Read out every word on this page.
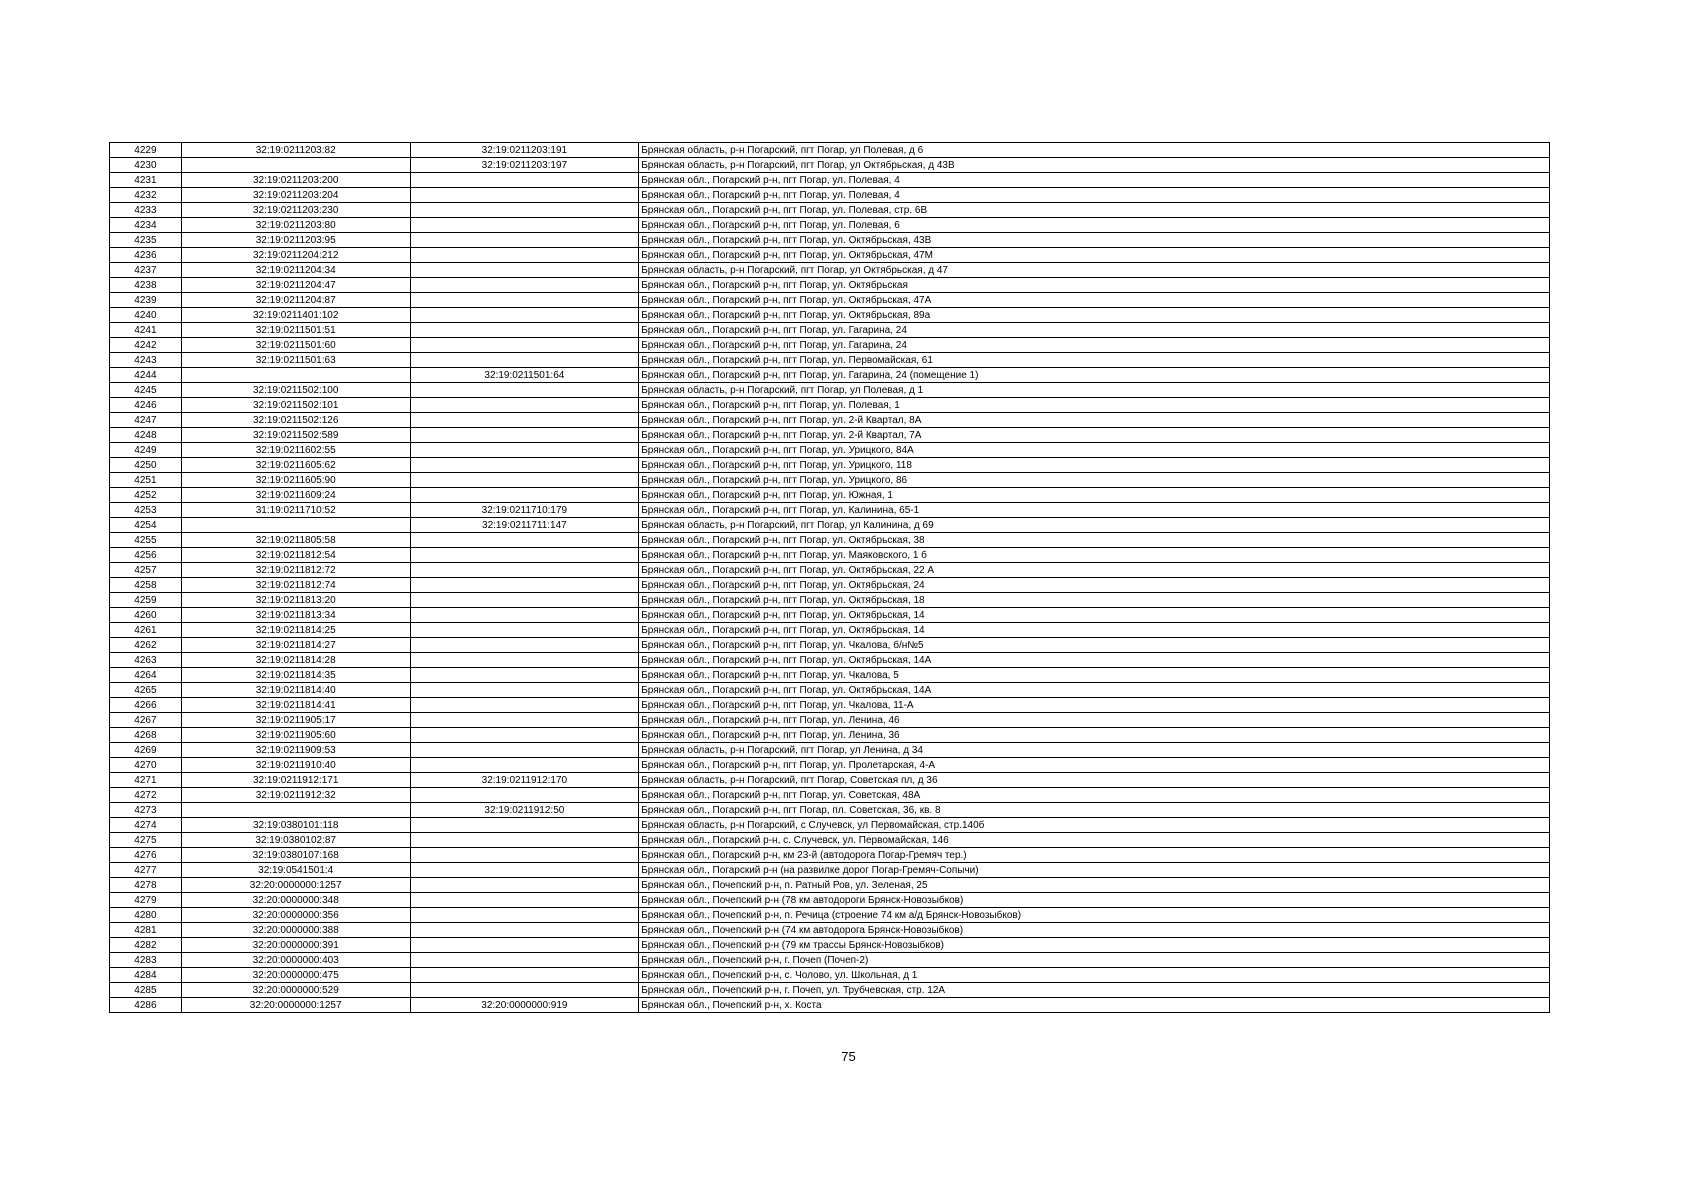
4229	32:19:0211203:82	32:19:0211203:191	Брянская область, р-н Погарский, пгт Погар, ул Полевая, д 6
4230		32:19:0211203:197	Брянская область, р-н Погарский, пгт Погар, ул Октябрьская, д 43В
4231	32:19:0211203:200		Брянская обл., Погарский р-н, пгт Погар, ул. Полевая, 4
4232	32:19:0211203:204		Брянская обл., Погарский р-н, пгт Погар, ул. Полевая, 4
4233	32:19:0211203:230		Брянская обл., Погарский р-н, пгт Погар, ул. Полевая, стр. 6В
4234	32:19:0211203:80		Брянская обл., Погарский р-н, пгт Погар, ул. Полевая, 6
4235	32:19:0211203:95		Брянская обл., Погарский р-н, пгт Погар, ул. Октябрьская, 43В
4236	32:19:0211204:212		Брянская обл., Погарский р-н, пгт Погар, ул. Октябрьская, 47М
4237	32:19:0211204:34		Брянская область, р-н Погарский, пгт Погар, ул Октябрьская, д 47
4238	32:19:0211204:47		Брянская обл., Погарский р-н, пгт Погар, ул. Октябрьская
4239	32:19:0211204:87		Брянская обл., Погарский р-н, пгт Погар, ул. Октябрьская, 47А
4240	32:19:0211401:102		Брянская обл., Погарский р-н, пгт Погар, ул. Октябрьская, 89а
4241	32:19:0211501:51		Брянская обл., Погарский р-н, пгт Погар, ул. Гагарина, 24
4242	32:19:0211501:60		Брянская обл., Погарский р-н, пгт Погар, ул. Гагарина, 24
4243	32:19:0211501:63		Брянская обл., Погарский р-н, пгт Погар, ул. Первомайская, 61
4244		32:19:0211501:64	Брянская обл., Погарский р-н, пгт Погар, ул. Гагарина, 24 (помещение 1)
4245	32:19:0211502:100		Брянская область, р-н Погарский, пгт Погар, ул Полевая, д 1
4246	32:19:0211502:101		Брянская обл., Погарский р-н, пгт Погар, ул. Полевая, 1
4247	32:19:0211502:126		Брянская обл., Погарский р-н, пгт Погар, ул. 2-й Квартал, 8А
4248	32:19:0211502:589		Брянская обл., Погарский р-н, пгт Погар, ул. 2-й Квартал, 7А
4249	32:19:0211602:55		Брянская обл., Погарский р-н, пгт Погар, ул. Урицкого, 84А
4250	32:19:0211605:62		Брянская обл., Погарский р-н, пгт Погар, ул. Урицкого, 118
4251	32:19:0211605:90		Брянская обл., Погарский р-н, пгт Погар, ул. Урицкого, 86
4252	32:19:0211609:24		Брянская обл., Погарский р-н, пгт Погар, ул. Южная, 1
4253	31:19:0211710:52	32:19:0211710:179	Брянская обл., Погарский р-н, пгт Погар, ул. Калинина, 65-1
4254		32:19:0211711:147	Брянская область, р-н Погарский, пгт Погар, ул Калинина, д 69
4255	32:19:0211805:58		Брянская обл., Погарский р-н, пгт Погар, ул. Октябрьская, 38
4256	32:19:0211812:54		Брянская обл., Погарский р-н, пгт Погар, ул. Маяковского, 1 б
4257	32:19:0211812:72		Брянская обл., Погарский р-н, пгт Погар, ул. Октябрьская, 22 А
4258	32:19:0211812:74		Брянская обл., Погарский р-н, пгт Погар, ул. Октябрьская, 24
4259	32:19:0211813:20		Брянская обл., Погарский р-н, пгт Погар, ул. Октябрьская, 18
4260	32:19:0211813:34		Брянская обл., Погарский р-н, пгт Погар, ул. Октябрьская, 14
4261	32:19:0211814:25		Брянская обл., Погарский р-н, пгт Погар, ул. Октябрьская, 14
4262	32:19:0211814:27		Брянская обл., Погарский р-н, пгт Погар, ул. Чкалова, б/н№5
4263	32:19:0211814:28		Брянская обл., Погарский р-н, пгт Погар, ул. Октябрьская, 14А
4264	32:19:0211814:35		Брянская обл., Погарский р-н, пгт Погар, ул. Чкалова, 5
4265	32:19:0211814:40		Брянская обл., Погарский р-н, пгт Погар, ул. Октябрьская, 14А
4266	32:19:0211814:41		Брянская обл., Погарский р-н, пгт Погар, ул. Чкалова, 11-А
4267	32:19:0211905:17		Брянская обл., Погарский р-н, пгт Погар, ул. Ленина, 46
4268	32:19:0211905:60		Брянская обл., Погарский р-н, пгт Погар, ул. Ленина, 36
4269	32:19:0211909:53		Брянская область, р-н Погарский, пгт Погар, ул Ленина, д 34
4270	32:19:0211910:40		Брянская обл., Погарский р-н, пгт Погар, ул. Пролетарская, 4-А
4271	32:19:0211912:171	32:19:0211912:170	Брянская область, р-н Погарский, пгт Погар, Советская пл, д 36
4272	32:19:0211912:32		Брянская обл., Погарский р-н, пгт Погар, ул. Советская, 48А
4273		32:19:0211912:50	Брянская обл., Погарский р-н, пгт Погар, пл. Советская, 36, кв. 8
4274	32:19:0380101:118		Брянская область, р-н Погарский, с Случевск, ул Первомайская, стр.140б
4275	32:19:0380102:87		Брянская обл., Погарский р-н, с. Случевск, ул. Первомайская, 146
4276	32:19:0380107:168		Брянская обл., Погарский р-н, км 23-й (автодорога Погар-Гремяч тер.)
4277	32:19:0541501:4		Брянская обл., Погарский р-н (на развилке дорог Погар-Гремяч-Сопычи)
4278	32:20:0000000:1257		Брянская обл., Почепский р-н, п. Ратный Ров, ул. Зеленая, 25
4279	32:20:0000000:348		Брянская обл., Почепский р-н (78 км автодороги Брянск-Новозыбков)
4280	32:20:0000000:356		Брянская обл., Почепский р-н, п. Речица (строение 74 км а/д Брянск-Новозыбков)
4281	32:20:0000000:388		Брянская обл., Почепский р-н (74 км автодорога Брянск-Новозыбков)
4282	32:20:0000000:391		Брянская обл., Почепский р-н (79 км трассы Брянск-Новозыбков)
4283	32:20:0000000:403		Брянская обл., Почепский р-н, г. Почеп (Почеп-2)
4284	32:20:0000000:475		Брянская обл., Почепский р-н, с. Чолово, ул. Школьная, д 1
4285	32:20:0000000:529		Брянская обл., Почепский р-н, г. Почеп, ул. Трубчевская, стр. 12А
4286	32:20:0000000:1257	32:20:0000000:919	Брянская обл., Почепский р-н, х. Коста
75
